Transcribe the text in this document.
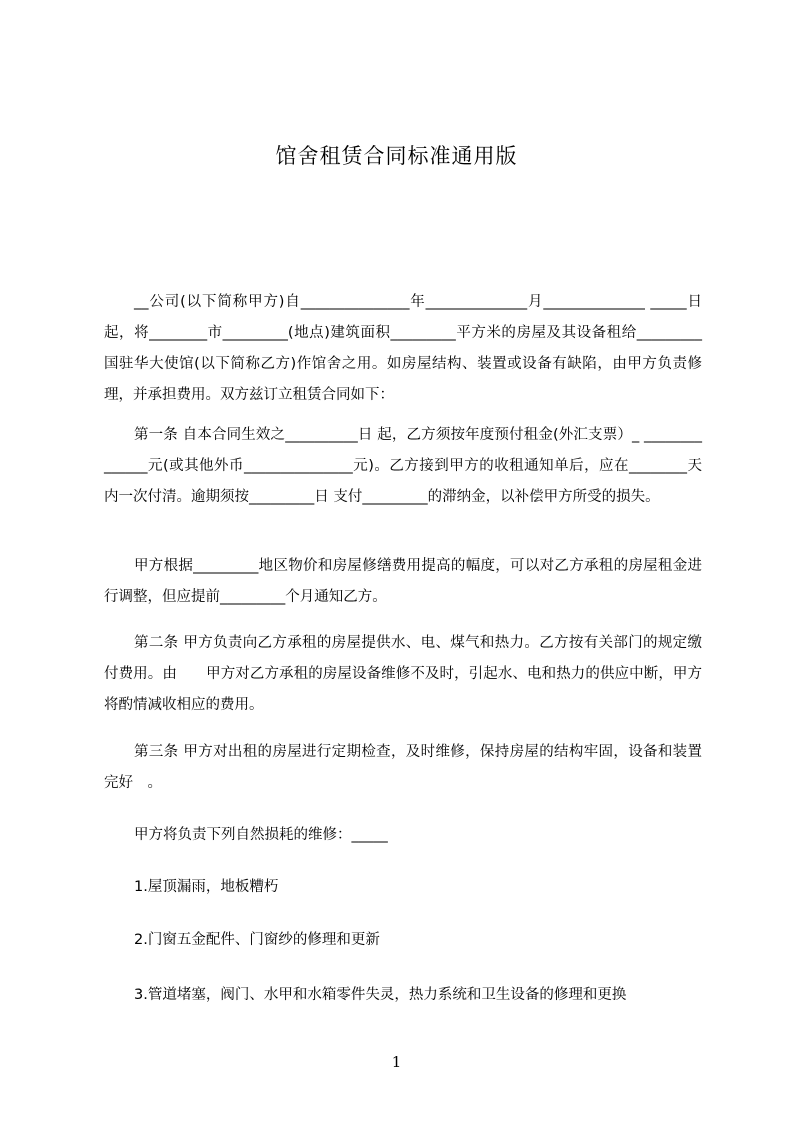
馆舍租赁合同标准通用版
__公司(以下简称甲方)自_______________年______________月______________ _____日 起，将________市_________(地点)建筑面积_________平方米的房屋及其设备租给_________国驻华大使馆(以下简称乙方)作馆舍之用。如房屋结构、装置或设备有缺陷，由甲方负责修理，并承担费用。双方兹订立租赁合同如下：
第一条 自本合同生效之__________日 起，乙方须按年度预付租金(外汇支票）_ ______________元(或其他外币_______________元)。乙方接到甲方的收租通知单后，应在________天内一次付清。逾期须按_________日 支付_________的滞纳金，以补偿甲方所受的损失。
甲方根据_________地区物价和房屋修缮费用提高的幅度，可以对乙方承租的房屋租金进行调整，但应提前_________个月通知乙方。
第二条 甲方负责向乙方承租的房屋提供水、电、煤气和热力。乙方按有关部门的规定缴付费用。由　　甲方对乙方承租的房屋设备维修不及时，引起水、电和热力的供应中断，甲方将酌情减收相应的费用。
第三条 甲方对出租的房屋进行定期检查，及时维修，保持房屋的结构牢固，设备和装置完好　。
甲方将负责下列自然损耗的维修：_____
1.屋顶漏雨，地板糟朽
2.门窗五金配件、门窗纱的修理和更新
3.管道堵塞，阀门、水甲和水箱零件失灵，热力系统和卫生设备的修理和更换
1
